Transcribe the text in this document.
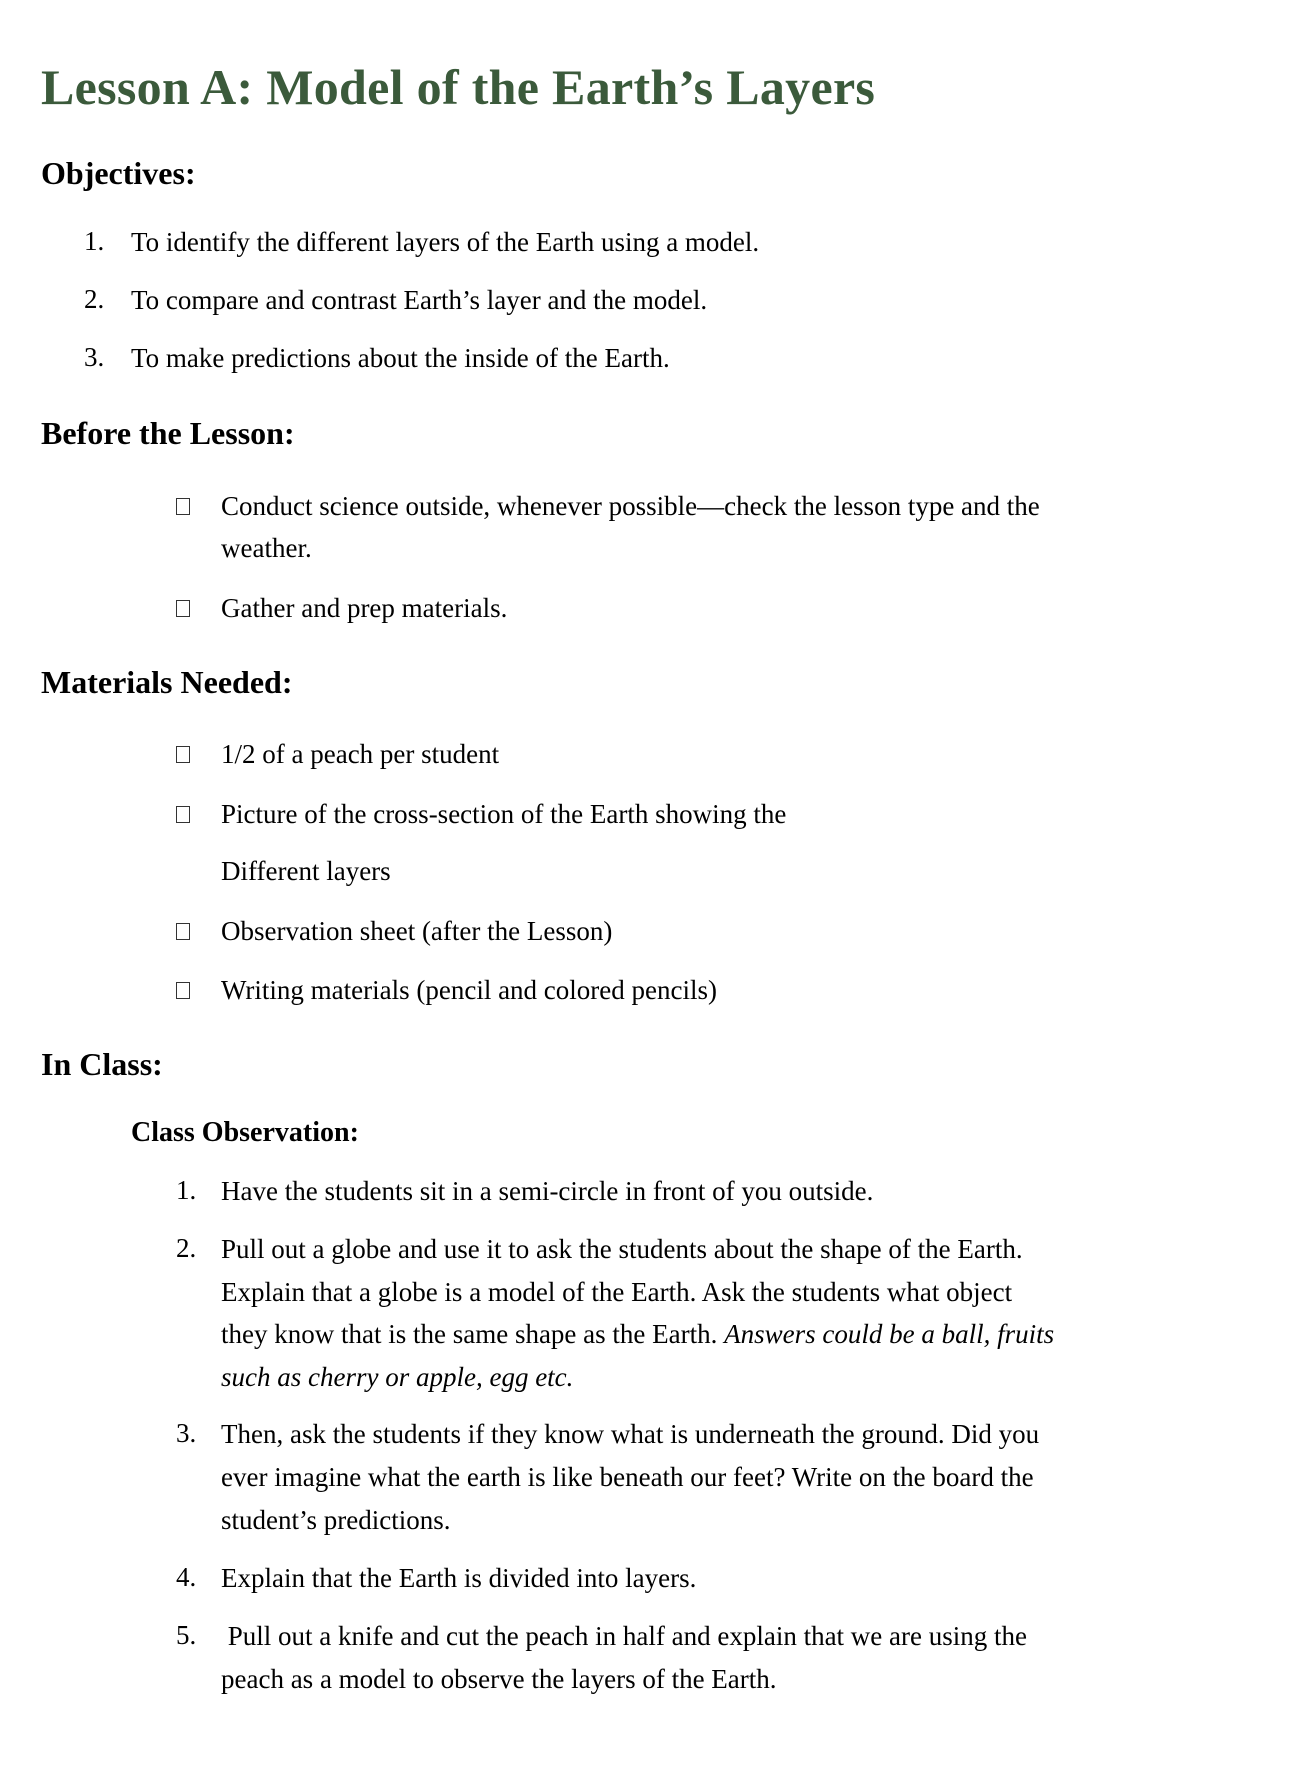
Lesson A: Model of the Earth’s Layers
Objectives:
1. To identify the different layers of the Earth using a model.
2. To compare and contrast Earth’s layer and the model.
3. To make predictions about the inside of the Earth.
Before the Lesson:
Conduct science outside, whenever possible—check the lesson type and the
weather.
Gather and prep materials.
Materials Needed:
1/2 of a peach per student
Picture of the cross-section of the Earth showing the
Different layers
Observation sheet (after the Lesson)
Writing materials (pencil and colored pencils)
In Class:
Class Observation:
1. Have the students sit in a semi-circle in front of you outside.
2. Pull out a globe and use it to ask the students about the shape of the Earth.
Explain that a globe is a model of the Earth. Ask the students what object
they know that is the same shape as the Earth. Answers could be a ball, fruits
such as cherry or apple, egg etc.
3. Then, ask the students if they know what is underneath the ground. Did you
ever imagine what the earth is like beneath our feet? Write on the board the
student’s predictions.
4. Explain that the Earth is divided into layers.
5. Pull out a knife and cut the peach in half and explain that we are using the
peach as a model to observe the layers of the Earth.
